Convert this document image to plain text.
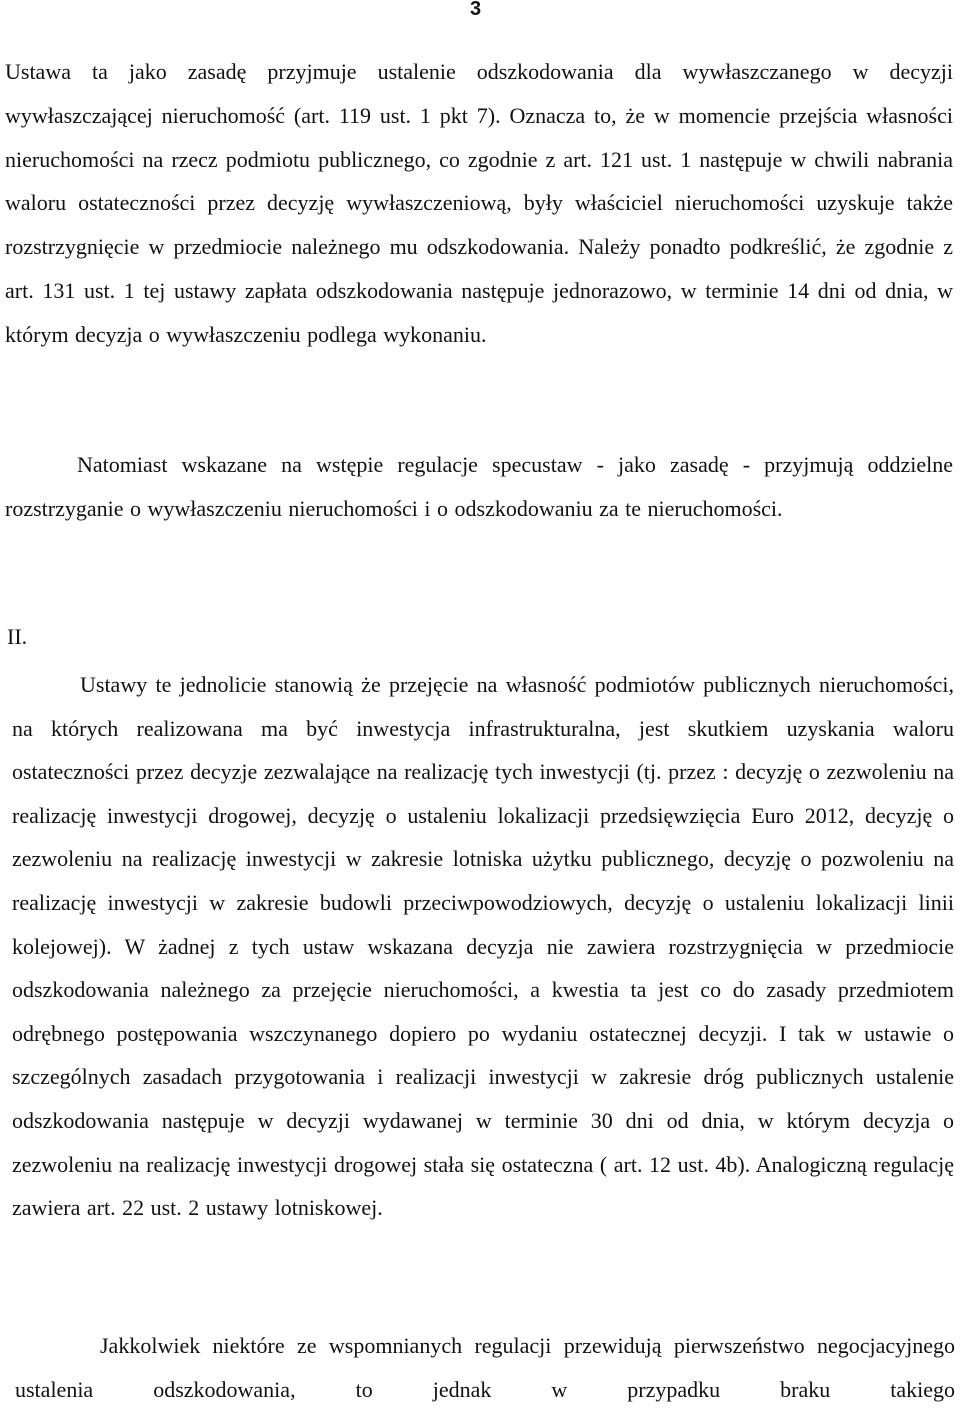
3

Ustawa ta jako zasadę przyjmuje ustalenie odszkodowania dla wywłaszczanego w decyzji wywłaszczającej nieruchomość (art. 119 ust. 1 pkt 7). Oznacza to, że w momencie przejścia własności nieruchomości na rzecz podmiotu publicznego, co zgodnie z art. 121 ust. 1 następuje w chwili nabrania waloru ostateczności przez decyzję wywłaszczeniową, były właściciel nieruchomości uzyskuje także rozstrzygnięcie w przedmiocie należnego mu odszkodowania. Należy ponadto podkreślić, że zgodnie z art. 131 ust. 1 tej ustawy zapłata odszkodowania następuje jednorazowo, w terminie 14 dni od dnia, w którym decyzja o wywłaszczeniu podlega wykonaniu.

Natomiast wskazane na wstępie regulacje specustaw - jako zasadę - przyjmują oddzielne rozstrzyganie o wywłaszczeniu nieruchomości i o odszkodowaniu za te nieruchomości.

II.

Ustawy te jednolicie stanowią że przejęcie na własność podmiotów publicznych nieruchomości, na których realizowana ma być inwestycja infrastrukturalna, jest skutkiem uzyskania waloru ostateczności przez decyzje zezwalające na realizację tych inwestycji (tj. przez : decyzję o zezwoleniu na realizację inwestycji drogowej, decyzję o ustaleniu lokalizacji przedsięwzięcia Euro 2012, decyzję o zezwoleniu na realizację inwestycji w zakresie lotniska użytku publicznego, decyzję o pozwoleniu na realizację inwestycji w zakresie budowli przeciwpowodziowych, decyzję o ustaleniu lokalizacji linii kolejowej). W żadnej z tych ustaw wskazana decyzja nie zawiera rozstrzygnięcia w przedmiocie odszkodowania należnego za przejęcie nieruchomości, a kwestia ta jest co do zasady przedmiotem odrębnego postępowania wszczynanego dopiero po wydaniu ostatecznej decyzji. I tak w ustawie o szczególnych zasadach przygotowania i realizacji inwestycji w zakresie dróg publicznych ustalenie odszkodowania następuje w decyzji wydawanej w terminie 30 dni od dnia, w którym decyzja o zezwoleniu na realizację inwestycji drogowej stała się ostateczna ( art. 12 ust. 4b). Analogiczną regulację zawiera art. 22 ust. 2 ustawy lotniskowej.

Jakkolwiek niektóre ze wspomnianych regulacji przewidują pierwszeństwo negocjacyjnego ustalenia odszkodowania, to jednak w przypadku braku takiego
